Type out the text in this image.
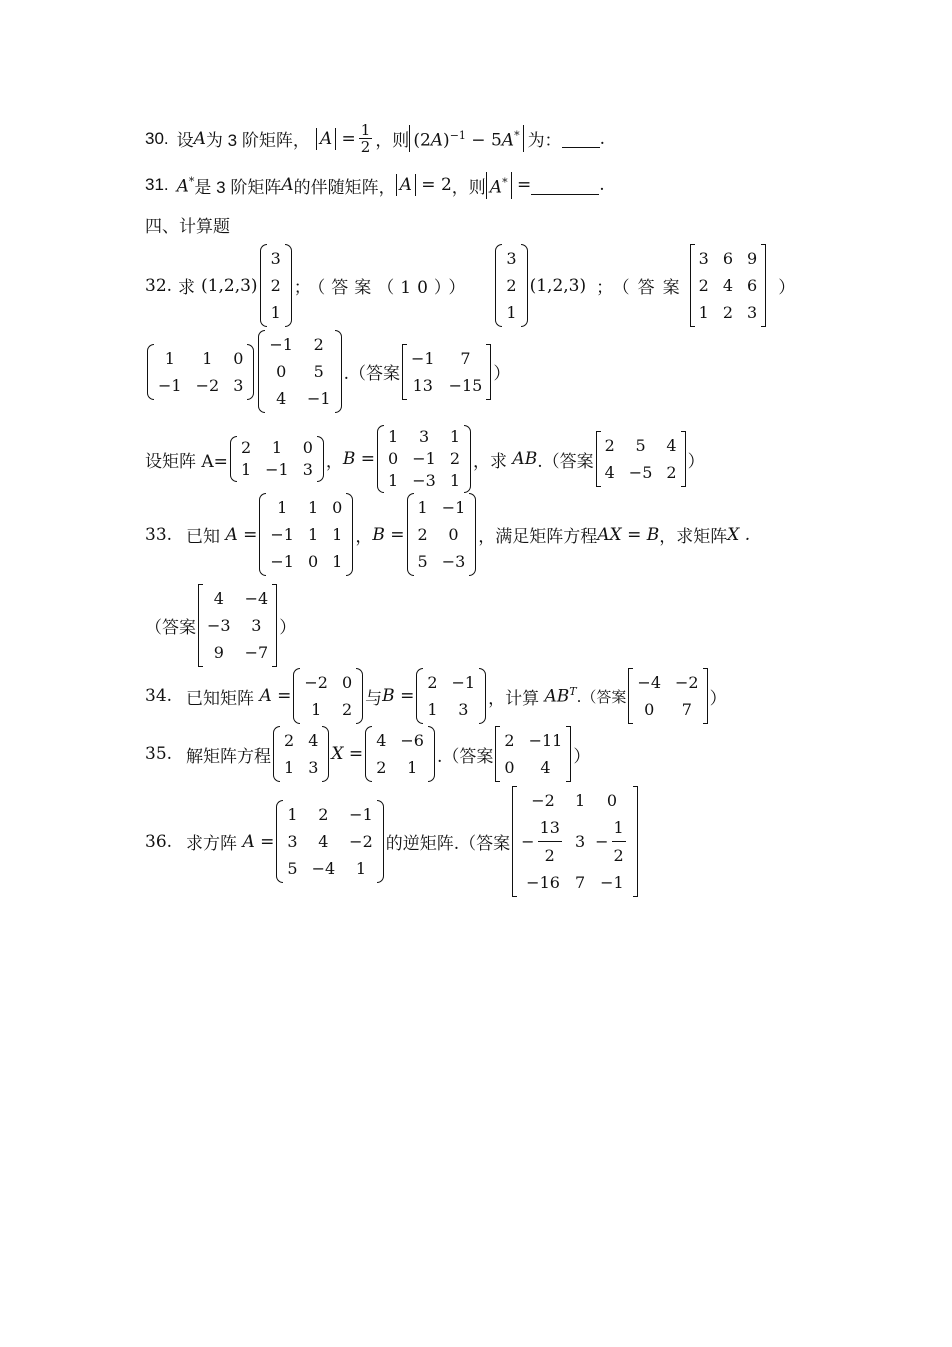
30. 设 A 为 3 阶矩阵， $A = \frac{1}{2}$ ，则 $(2A)^{-1} - 5A^*$ 为： .
31. A* 是 3 阶矩阵 A 的伴随矩阵， A = 2 ，则 A* =	.
四、计算题
32. 求 (1,2,3)
3
2
1
；（答案（10））
3
2
1
(1,2,3) ；（答案
3 6 9
2 4 6
1 2 3
）
1	1	0
−1 −2 3
−1	2
0	5
4	−1
.（答案
−1	7
13 −15
）
设矩阵 A=
2	1	0
1 −1 3 ， B =
1	3	1
0 −1 2
1 −3 1
，求 AB .（答案
2	5	4
4 −5 2
）
33. 已知 A =
1	1 0
−1 1 1
−1 0 1
， B =
1 −1
2	0
5 −3
，满足矩阵方程 AX = B ，求矩阵 X .
（答案
4	−4
−3	3
9	−7
）
34. 已知矩阵 A =
−2 0
1	2
与 B =
2 −1
1	3
，计算 $AB^T$ .（答案
−4 −2
0	7
）
35. 解矩阵方程
2 4
1 3
X =
4 −6
2	1
.（答案
2 −11
0	4
）
36. 求方阵 A =
1	2	−1
3	4	−2
5 −4	1
的逆矩阵.（答案
−2	1	0
− $\frac{13}{2} 3 - \frac{1}{2}$
−16 7 −1
